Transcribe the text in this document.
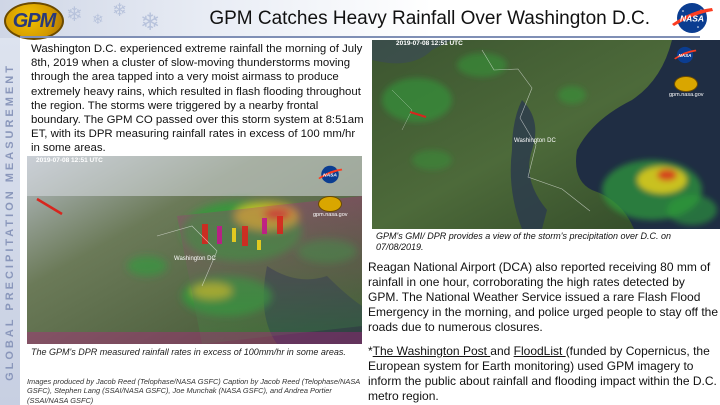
GPM ❄ ❄ ❄ ❄	GPM Catches Heavy Rainfall Over Washington D.C.	NASA
GLOBAL PRECIPITATION MEASUREMENT
Washington D.C. experienced extreme rainfall the morning of July 8th, 2019 when a cluster of slow-moving thunderstorms moving through the area tapped into a very moist airmass to produce extremely heavy rains, which resulted in flash flooding throughout the region. The storms were triggered by a nearby frontal boundary. The GPM CO passed over this storm system at 8:51am ET, with its DPR measuring rainfall rates in excess of 100 mm/hr in some areas.
2019-07-08 12:51 UTC
Washington DC
NASA
gpm.nasa.gov
GPM's GMI/ DPR provides a view of the storm's precipitation over D.C. on 07/08/2019.
2019-07-08 12:51 UTC
Washington DC
NASA
gpm.nasa.gov
The GPM's DPR measured rainfall rates in excess of 100mm/hr in some areas.
Images produced by Jacob Reed (Telophase/NASA GSFC) Caption by Jacob Reed (Telophase/NASA GSFC), Stephen Lang (SSAI/NASA GSFC), Joe Munchak (NASA GSFC), and Andrea Portier (SSAI/NASA GSFC)
Reagan National Airport (DCA) also reported receiving 80 mm of rainfall in one hour, corroborating the high rates detected by GPM. The National Weather Service issued a rare Flash Flood Emergency in the morning, and police urged people to stay off the roads due to numerous closures.
*The Washington Post and FloodList (funded by Copernicus, the European system for Earth monitoring) used GPM imagery to inform the public about rainfall and flooding impact within the D.C. metro region.
